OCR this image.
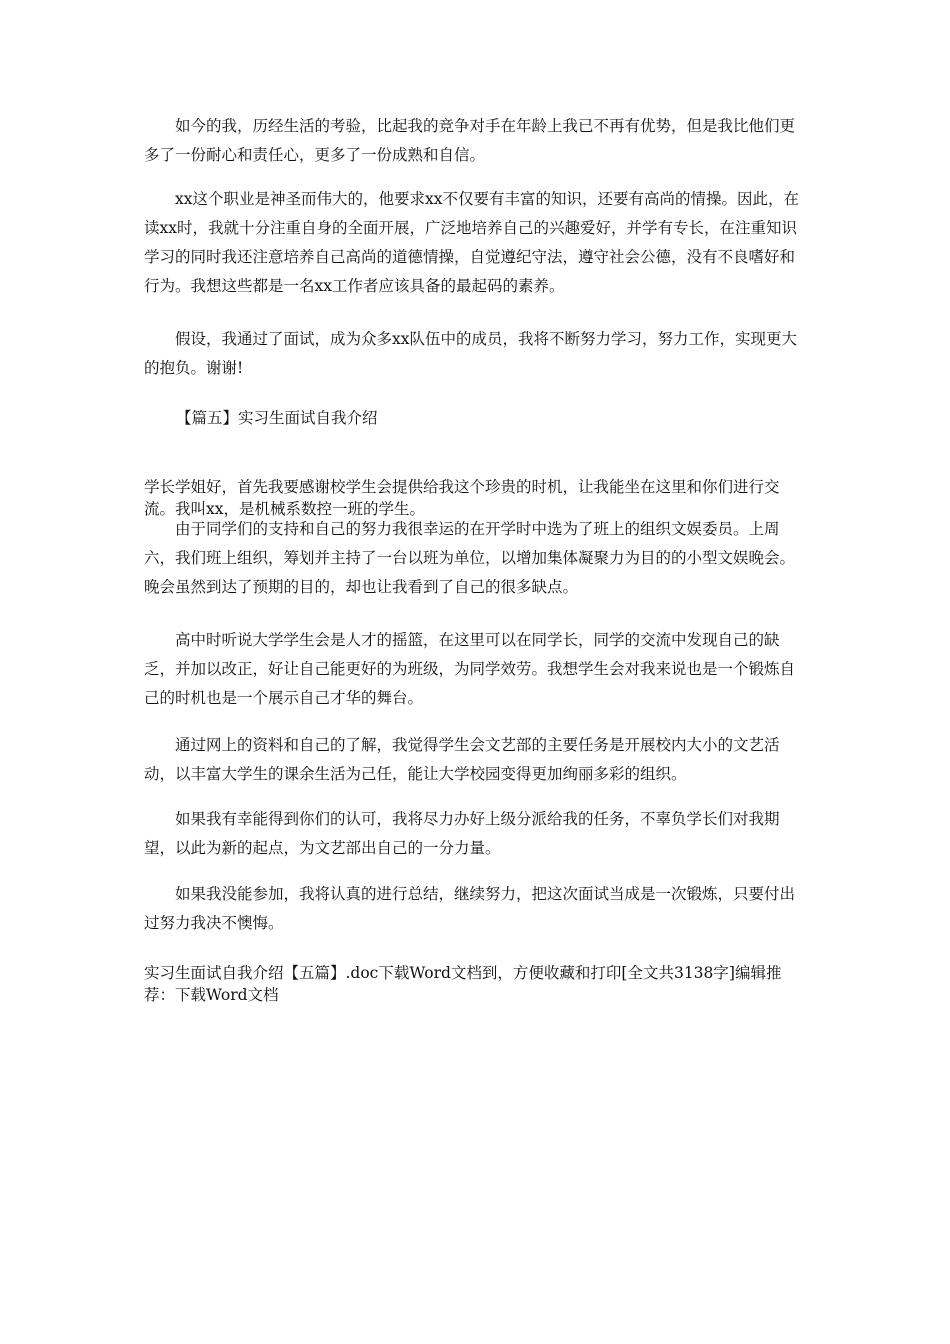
如今的我，历经生活的考验，比起我的竞争对手在年龄上我已不再有优势，但是我比他们更多了一份耐心和责任心，更多了一份成熟和自信。

xx这个职业是神圣而伟大的，他要求xx不仅要有丰富的知识，还要有高尚的情操。因此，在读xx时，我就十分注重自身的全面开展，广泛地培养自己的兴趣爱好，并学有专长，在注重知识学习的同时我还注意培养自己高尚的道德情操，自觉遵纪守法，遵守社会公德，没有不良嗜好和行为。我想这些都是一名xx工作者应该具备的最起码的素养。

假设，我通过了面试，成为众多xx队伍中的成员，我将不断努力学习，努力工作，实现更大的抱负。谢谢!

【篇五】实习生面试自我介绍

学长学姐好，首先我要感谢校学生会提供给我这个珍贵的时机，让我能坐在这里和你们进行交流。我叫xx，是机械系数控一班的学生。

由于同学们的支持和自己的努力我很幸运的在开学时中选为了班上的组织文娱委员。上周六，我们班上组织，筹划并主持了一台以班为单位，以增加集体凝聚力为目的的小型文娱晚会。晚会虽然到达了预期的目的，却也让我看到了自己的很多缺点。

高中时听说大学学生会是人才的摇篮，在这里可以在同学长，同学的交流中发现自己的缺乏，并加以改正，好让自己能更好的为班级，为同学效劳。我想学生会对我来说也是一个锻炼自己的时机也是一个展示自己才华的舞台。

通过网上的资料和自己的了解，我觉得学生会文艺部的主要任务是开展校内大小的文艺活动，以丰富大学生的课余生活为己任，能让大学校园变得更加绚丽多彩的组织。

如果我有幸能得到你们的认可，我将尽力办好上级分派给我的任务，不辜负学长们对我期望，以此为新的起点，为文艺部出自己的一分力量。

如果我没能参加，我将认真的进行总结，继续努力，把这次面试当成是一次锻炼，只要付出过努力我决不懊悔。

实习生面试自我介绍【五篇】.doc下载Word文档到，方便收藏和打印[全文共3138字]编辑推荐：下载Word文档
